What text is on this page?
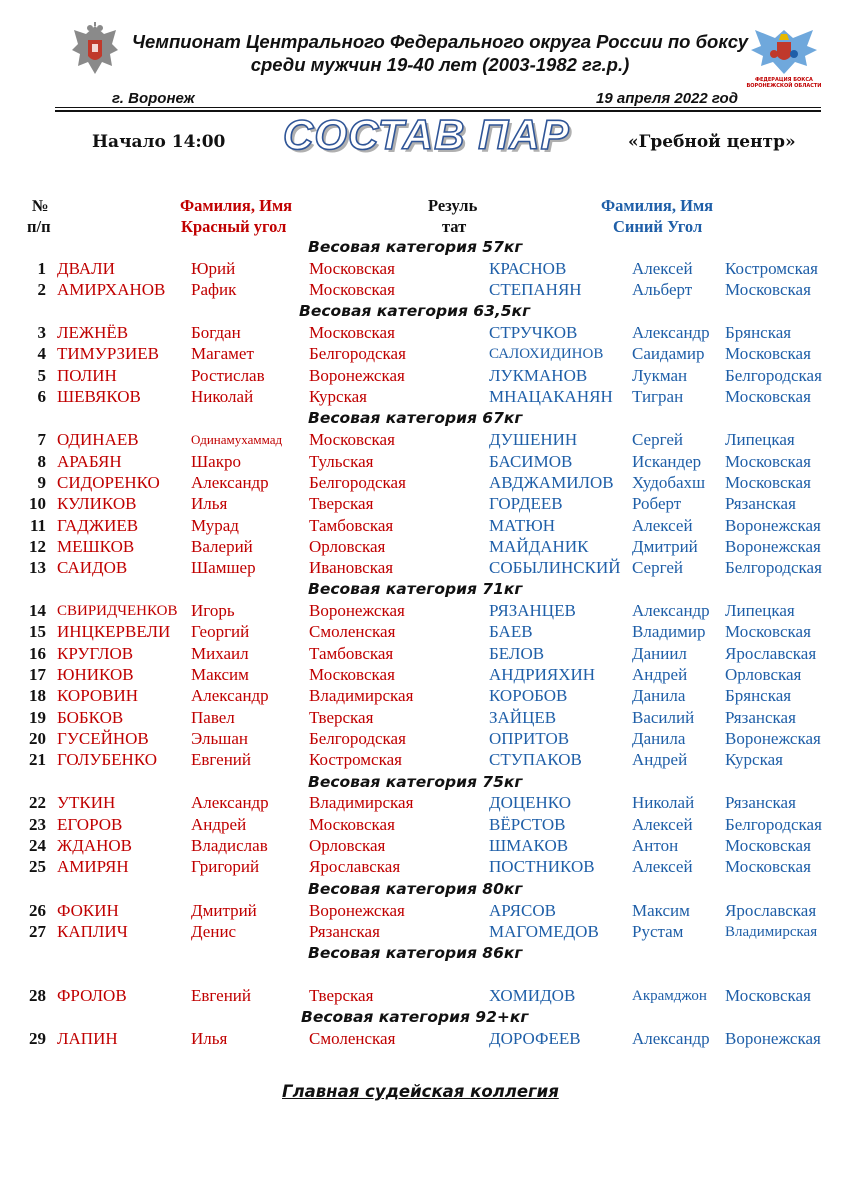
ФЕДЕРАЦИЯ БОКСА
ВОРОНЕЖСКОЙ ОБЛАСТИ
Чемпионат Центрального Федерального округа России по боксу
среди мужчин 19-40 лет (2003-1982 гг.р.)
г. Воронеж	19 апреля 2022 год
Начало 14:00 СОСТАВ ПАР	«Гребной центр»
№
п/п
Фамилия, Имя
Красный угол
Резуль
тат
Фамилия, Имя
Синий Угол
Весовая категория 57кг
Весовая категория 63,5кг
Весовая категория 67кг
Весовая категория 71кг
Весовая категория 75кг
Весовая категория 80кг
Весовая категория 86кг
Весовая категория 92+кг
1 ДВАЛИ	Юрий	Московская	КРАСНОВ	Алексей Костромская
2 АМИРХАНОВ Рафик	Московская	СТЕПАНЯН	Альберт Московская
3 ЛЕЖНЁВ	Богдан	Московская	СТРУЧКОВ	Александр Брянская
4 ТИМУРЗИЕВ Магамет	Белгородская	САЛОХИДИНОВ Саидамир Московская
5 ПОЛИН	Ростислав	Воронежская	ЛУКМАНОВ	Лукман Белгородская
6 ШЕВЯКОВ	Николай	Курская	МНАЦАКАНЯН Тигран Московская
7 ОДИНАЕВ	Одинамухаммад Московская	ДУШЕНИН	Сергей Липецкая
8 АРАБЯН	Шакро	Тульская	БАСИМОВ	Искандер Московская
9 СИДОРЕНКО Александр Белгородская	АВДЖАМИЛОВ Худобахш Московская
10 КУЛИКОВ	Илья	Тверская	ГОРДЕЕВ	Роберт	Рязанская
11 ГАДЖИЕВ	Мурад	Тамбовская	МАТЮН	Алексей Воронежская
12 МЕШКОВ	Валерий	Орловская	МАЙДАНИК	Дмитрий Воронежская
13 САИДОВ	Шамшер	Ивановская	СОБЫЛИНСКИЙ Сергей Белгородская
14 СВИРИДЧЕНКОВ Игорь	Воронежская	РЯЗАНЦЕВ	Александр Липецкая
15 ИНЦКЕРВЕЛИ Георгий	Смоленская	БАЕВ	Владимир Московская
16 КРУГЛОВ	Михаил	Тамбовская	БЕЛОВ	Даниил Ярославская
17 ЮНИКОВ	Максим	Московская	АНДРИЯХИН Андрей Орловская
18 КОРОВИН	Александр Владимирская	КОРОБОВ	Данила Брянская
19 БОБКОВ	Павел	Тверская	ЗАЙЦЕВ	Василий Рязанская
20 ГУСЕЙНОВ Эльшан	Белгородская	ОПРИТОВ	Данила Воронежская
21 ГОЛУБЕНКО Евгений	Костромская	СТУПАКОВ	Андрей Курская
22 УТКИН	Александр Владимирская	ДОЦЕНКО	Николай Рязанская
23 ЕГОРОВ	Андрей	Московская	ВЁРСТОВ	Алексей Белгородская
24 ЖДАНОВ	Владислав Орловская	ШМАКОВ	Антон	Московская
25 АМИРЯН	Григорий	Ярославская	ПОСТНИКОВ Алексей Московская
26 ФОКИН	Дмитрий	Воронежская	АРЯСОВ	Максим Ярославская
27 КАПЛИЧ	Денис	Рязанская	МАГОМЕДОВ Рустам	Владимирская
28 ФРОЛОВ	Евгений	Тверская	ХОМИДОВ	Акрамджон Московская
29 ЛАПИН	Илья	Смоленская	ДОРОФЕЕВ	Александр Воронежская
Главная судейская коллегия
